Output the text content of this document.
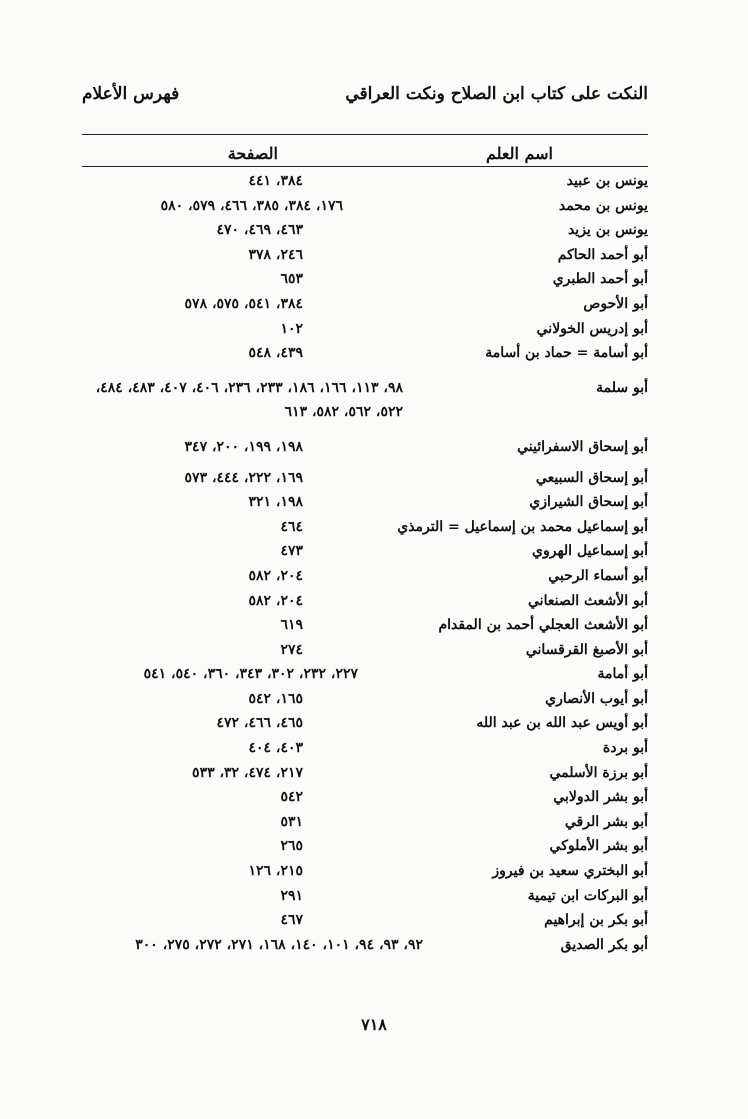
النكت على كتاب ابن الصلاح ونكت العراقي
فهرس الأعلام
اسم العلم
الصفحة
يونس بن عبيد
٣٨٤، ٤٤١
يونس بن محمد
١٧٦، ٣٨٤، ٣٨٥، ٤٦٦، ٥٧٩، ٥٨٠
يونس بن يزيد
٤٦٣، ٤٦٩، ٤٧٠
أبو أحمد الحاكم
٢٤٦، ٣٧٨
أبو أحمد الطبري
٦٥٣
أبو الأحوص
٣٨٤، ٥٤١، ٥٧٥، ٥٧٨
أبو إدريس الخولاني
١٠٢
أبو أسامة = حماد بن أسامة
٤٣٩، ٥٤٨
أبو سلمة
٩٨، ١١٣، ١٦٦، ١٨٦، ٢٣٣، ٢٣٦، ٤٠٦، ٤٠٧، ٤٨٣، ٤٨٤،
٥٢٢، ٥٦٢، ٥٨٢، ٦١٣
أبو إسحاق الاسفرائيني
١٩٨، ١٩٩، ٢٠٠، ٣٤٧
أبو إسحاق السبيعي
١٦٩، ٢٢٢، ٤٤٤، ٥٧٣
أبو إسحاق الشيرازي
١٩٨، ٣٢١
أبو إسماعيل محمد بن إسماعيل = الترمذي
٤٦٤
أبو إسماعيل الهروي
٤٧٣
أبو أسماء الرحبي
٢٠٤، ٥٨٢
أبو الأشعث الصنعاني
٢٠٤، ٥٨٢
أبو الأشعث العجلي أحمد بن المقدام
٦١٩
أبو الأصبغ القرقساني
٢٧٤
أبو أمامة
٢٢٧، ٢٣٢، ٣٠٢، ٣٤٣، ٣٦٠، ٥٤٠، ٥٤١
أبو أيوب الأنصاري
١٦٥، ٥٤٢
أبو أويس عبد الله بن عبد الله
٤٦٥، ٤٦٦، ٤٧٢
أبو بردة
٤٠٣، ٤٠٤
أبو برزة الأسلمي
٢١٧، ٤٧٤، ٣٢، ٥٣٣
أبو بشر الدولابي
٥٤٢
أبو بشر الرقي
٥٣١
أبو بشر الأملوكي
٢٦٥
أبو البختري سعيد بن فيروز
٢١٥، ١٢٦
أبو البركات ابن تيمية
٢٩١
أبو بكر بن إبراهيم
٤٦٧
أبو بكر الصديق
٩٢، ٩٣، ٩٤، ١٠١، ١٤٠، ١٦٨، ٢٧١، ٢٧٢، ٢٧٥، ٣٠٠
٧١٨
